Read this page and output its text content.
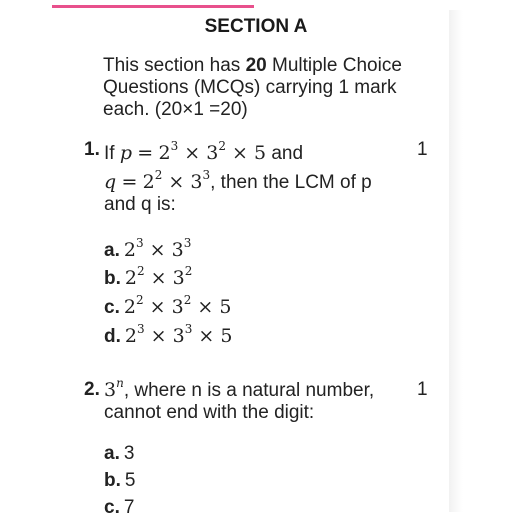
SECTION A
This section has 20 Multiple Choice Questions (MCQs) carrying 1 mark each. (20×1 =20)
1.	1
If $p = 2^3 \times 3^2 \times 5$ and
$q = 2^2 \times 3^3$, then the LCM of p
and q is:
a. $2^3 \times 3^3$
b. $2^2 \times 3^2$
c. $2^2 \times 3^2 \times 5$
d. $2^3 \times 3^3 \times 5$
2.	1
3$^n$, where n is a natural number,
cannot end with the digit:
a. 3
b. 5
c. 7
